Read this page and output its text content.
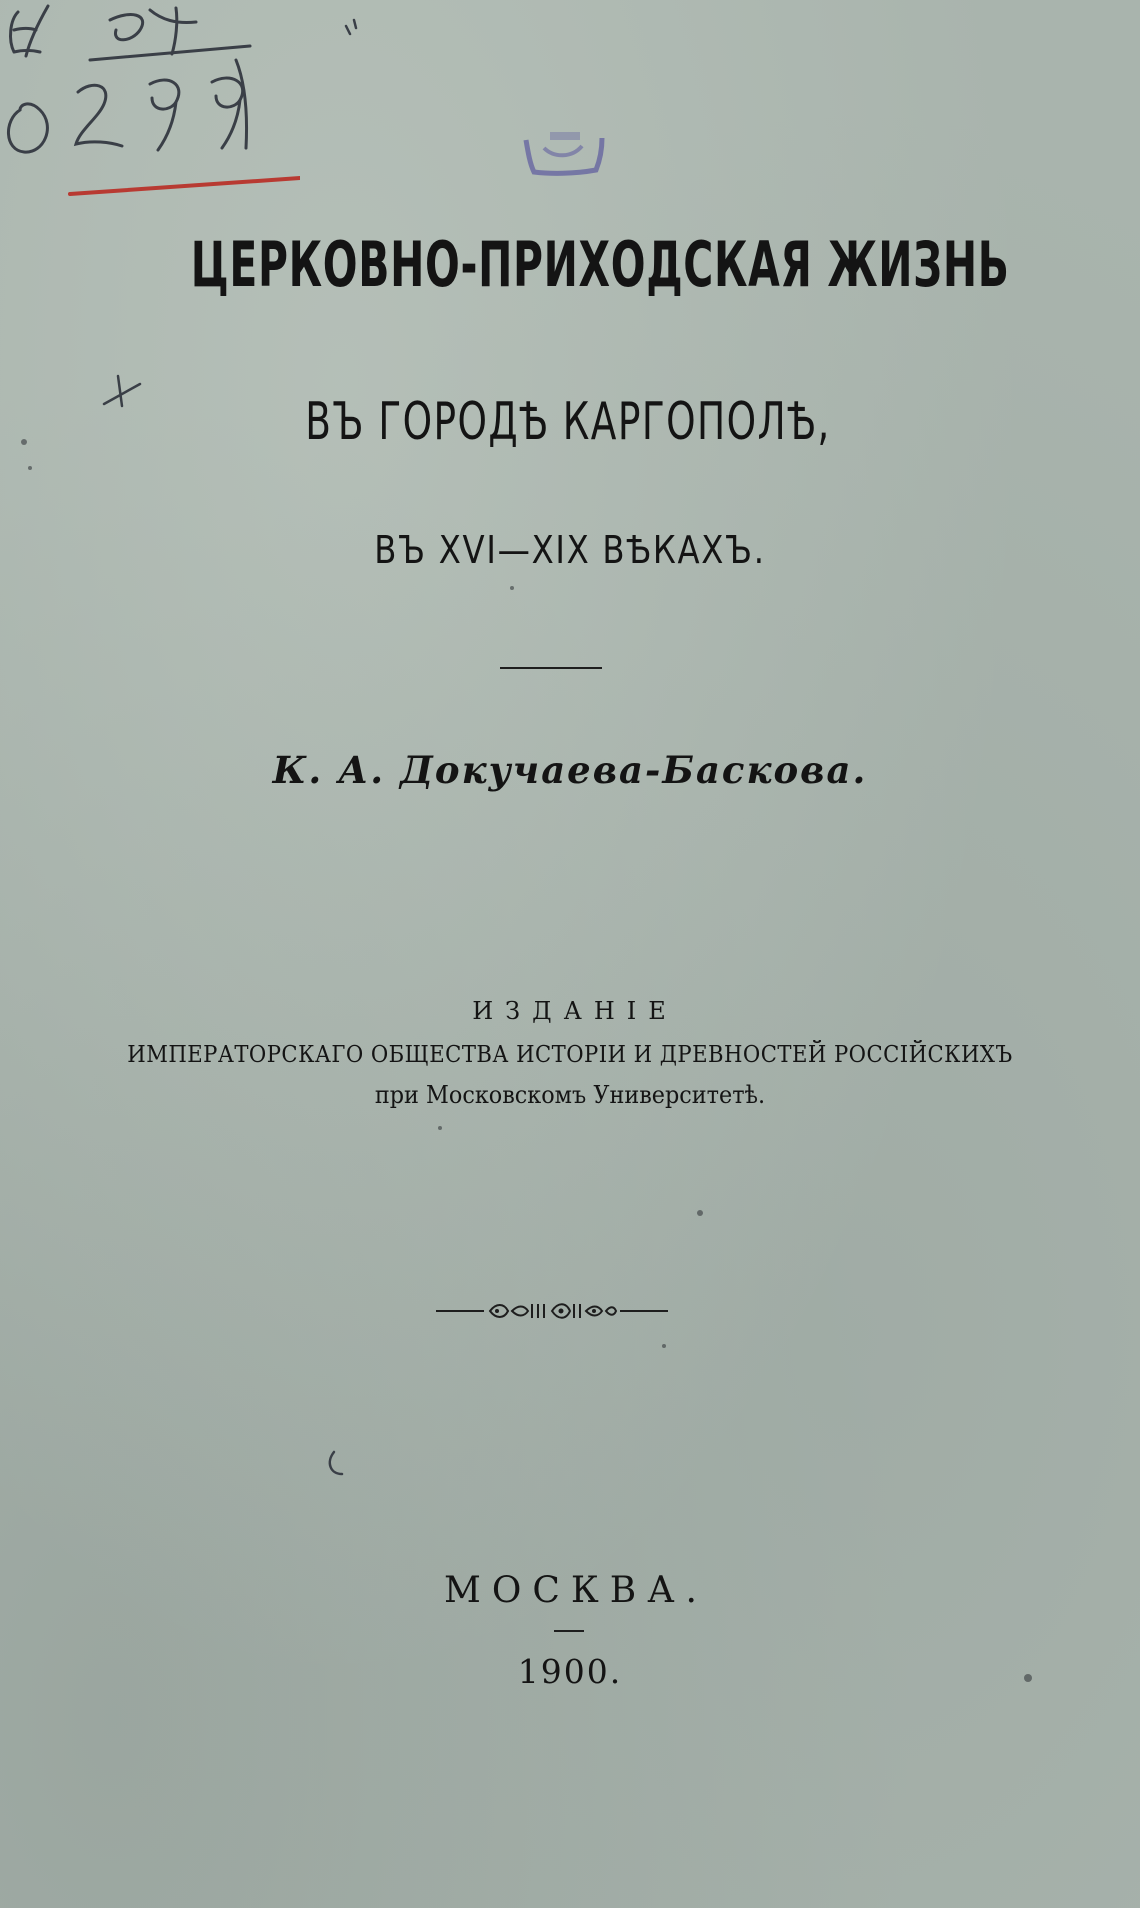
ЦЕРКОВНО-ПРИХОДСКАЯ ЖИЗНЬ
ВЪ ГОРОДѢ КАРГОПОЛѢ,
ВЪ XVI—XIX ВѢКАХЪ.
К. А. Докучаева-Баскова.
ИЗДАНІЕ
ИМПЕРАТОРСКАГО ОБЩЕСТВА ИСТОРІИ И ДРЕВНОСТЕЙ РОССІЙСКИХЪ
при Московскомъ Университетѣ.
МОСКВА.
1900.
